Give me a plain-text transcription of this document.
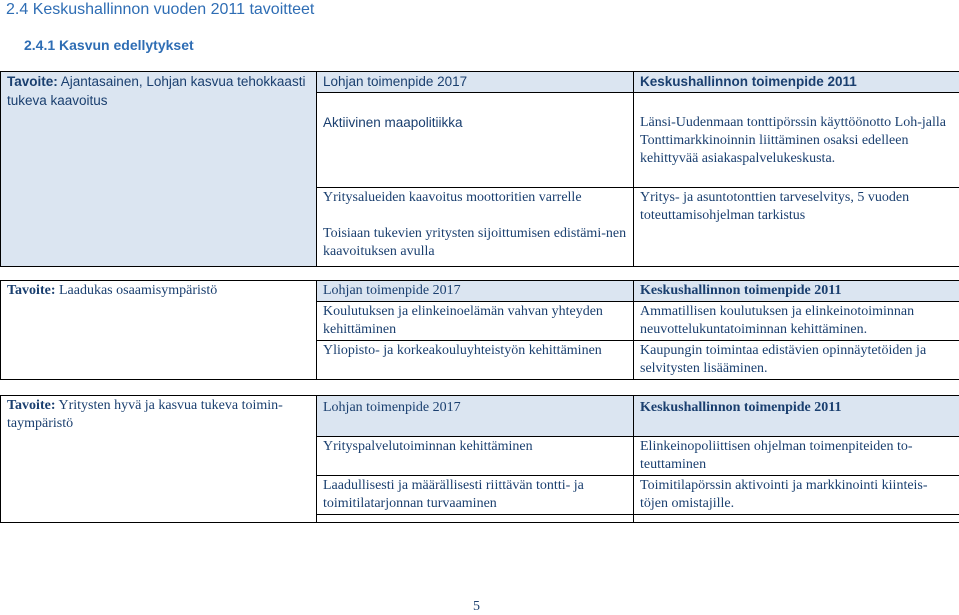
2.4 Keskushallinnon vuoden 2011 tavoitteet
2.4.1 Kasvun edellytykset
Tavoite: Ajantasainen, Lohjan kasvua tehokkaasti tukeva kaavoitus	Lohjan toimenpide 2017	Keskushallinnon toimenpide 2011

	Aktiivinen maapolitiikka	Länsi-Uudenmaan tonttipörssin käyttöönotto Loh-jalla Tonttimarkkinoinnin liittäminen osaksi edelleen kehittyvää asiakaspalvelukeskusta.

	Yritysalueiden kaavoitus moottoritien varrelle
Toisiaan tukevien yritysten sijoittumisen edistämi-nen kaavoituksen avulla	Yritys- ja asuntotonttien tarveselvitys, 5 vuoden toteuttamisohjelman tarkistus
Tavoite: Laadukas osaamisympäristö	Lohjan toimenpide 2017	Keskushallinnon toimenpide 2011
	Koulutuksen ja elinkeinoelämän vahvan yhteyden kehittäminen	Ammatillisen koulutuksen ja elinkeinotoiminnan neuvottelukuntatoiminnan kehittäminen.
	Yliopisto- ja korkeakouluyhteistyön kehittäminen	Kaupungin toimintaa edistävien opinnäytetöiden ja selvitysten lisääminen.
Tavoite: Yritysten hyvä ja kasvua tukeva toimin-taympäristö	Lohjan toimenpide 2017	Keskushallinnon toimenpide 2011
	Yrityspalvelutoiminnan kehittäminen	Elinkeinopoliittisen ohjelman toimenpiteiden to-teuttaminen
	Laadullisesti ja määrällisesti riittävän tontti- ja toimitilatarjonnan turvaaminen	Toimitilapörssin aktivointi ja markkinointi kiinteis-töjen omistajille.

5
